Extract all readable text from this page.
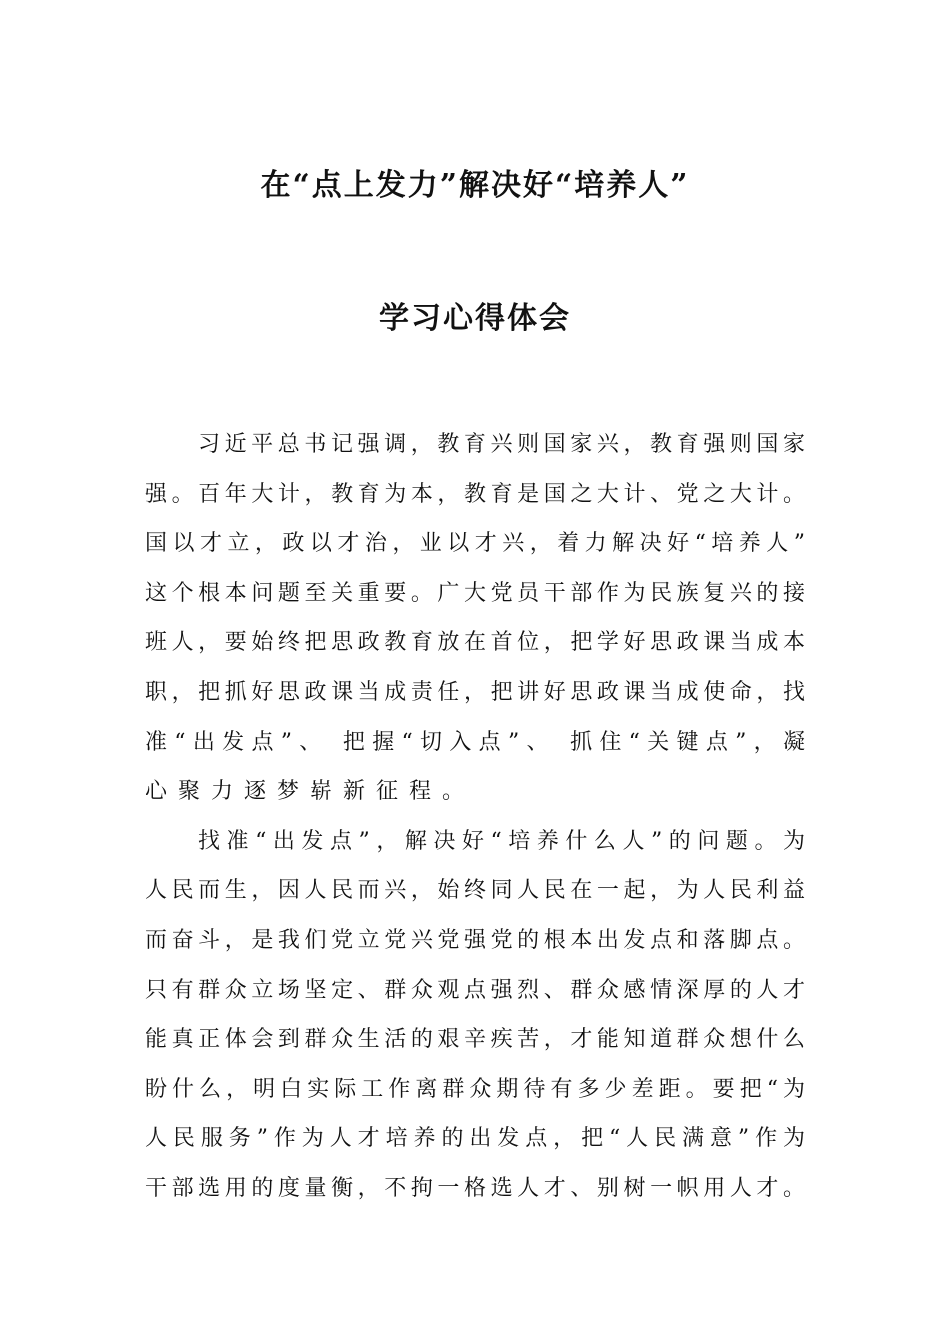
在“点上发力”解决好“培养人”
学习心得体会
习近平总书记强调，教育兴则国家兴，教育强则国家
强。百年大计，教育为本，教育是国之大计、党之大计。
国以才立，政以才治，业以才兴，着力解决好“培养人”
这个根本问题至关重要。广大党员干部作为民族复兴的接
班人，要始终把思政教育放在首位，把学好思政课当成本
职，把抓好思政课当成责任，把讲好思政课当成使命，找
准“出发点”、 把握“切入点”、 抓住“关键点”，凝
心聚力逐梦崭新征程。
找准“出发点”，解决好“培养什么人”的问题。为
人民而生，因人民而兴，始终同人民在一起，为人民利益
而奋斗，是我们党立党兴党强党的根本出发点和落脚点。
只有群众立场坚定、群众观点强烈、群众感情深厚的人才
能真正体会到群众生活的艰辛疾苦，才能知道群众想什么
盼什么，明白实际工作离群众期待有多少差距。要把“为
人民服务”作为人才培养的出发点，把“人民满意”作为
干部选用的度量衡，不拘一格选人才、别树一帜用人才。
